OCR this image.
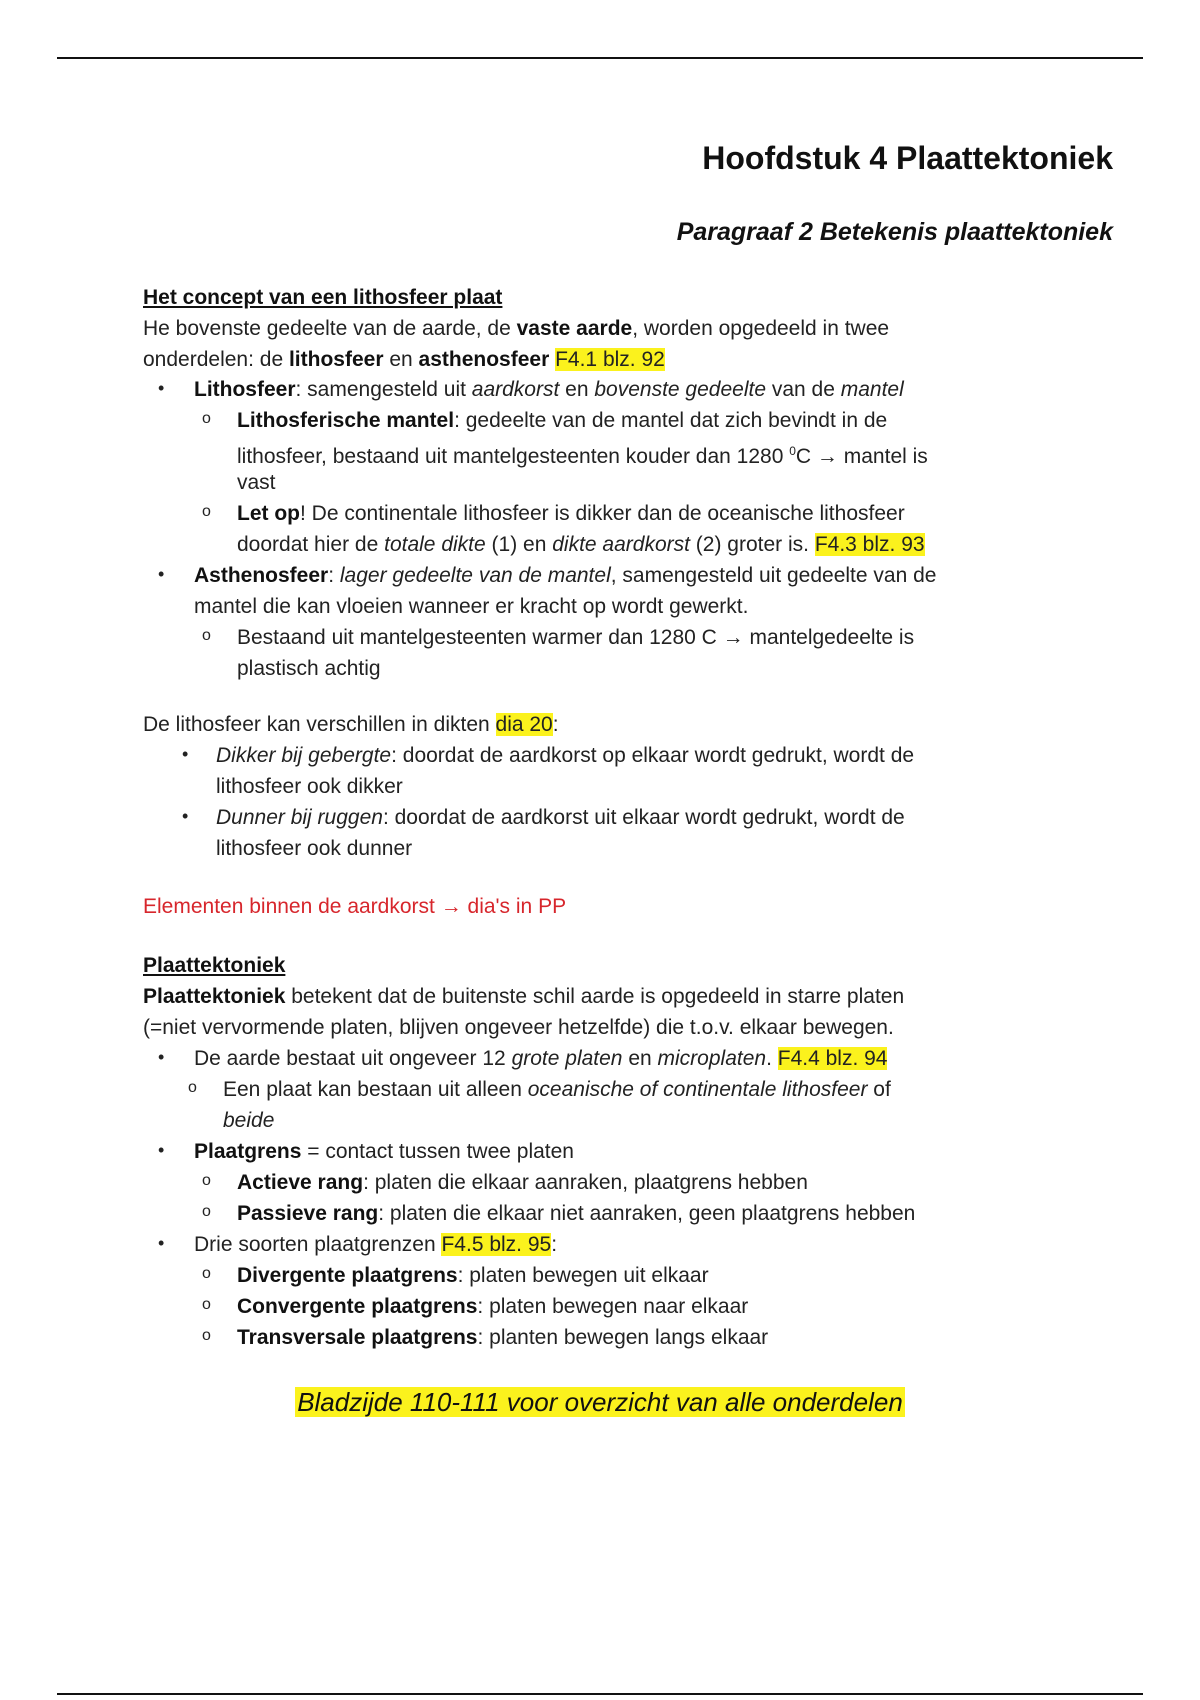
Hoofdstuk 4 Plaattektoniek
Paragraaf 2 Betekenis plaattektoniek
Het concept van een lithosfeer plaat
He bovenste gedeelte van de aarde, de vaste aarde, worden opgedeeld in twee
onderdelen: de lithosfeer en asthenosfeer F4.1 blz. 92
• Lithosfeer: samengesteld uit aardkorst en bovenste gedeelte van de mantel
o Lithosferische mantel: gedeelte van de mantel dat zich bevindt in de
lithosfeer, bestaand uit mantelgesteenten kouder dan 1280 $^0$C → mantel is
vast
o Let op! De continentale lithosfeer is dikker dan de oceanische lithosfeer
doordat hier de totale dikte (1) en dikte aardkorst (2) groter is. F4.3 blz. 93
• Asthenosfeer: lager gedeelte van de mantel, samengesteld uit gedeelte van de
mantel die kan vloeien wanneer er kracht op wordt gewerkt.
o Bestaand uit mantelgesteenten warmer dan 1280 C → mantelgedeelte is
plastisch achtig
De lithosfeer kan verschillen in dikten dia 20:
• Dikker bij gebergte: doordat de aardkorst op elkaar wordt gedrukt, wordt de
lithosfeer ook dikker
• Dunner bij ruggen: doordat de aardkorst uit elkaar wordt gedrukt, wordt de
lithosfeer ook dunner
Elementen binnen de aardkorst → dia's in PP
Plaattektoniek
Plaattektoniek betekent dat de buitenste schil aarde is opgedeeld in starre platen
(=niet vervormende platen, blijven ongeveer hetzelfde) die t.o.v. elkaar bewegen.
• De aarde bestaat uit ongeveer 12 grote platen en microplaten. F4.4 blz. 94
o Een plaat kan bestaan uit alleen oceanische of continentale lithosfeer of
beide
• Plaatgrens = contact tussen twee platen
o Actieve rang: platen die elkaar aanraken, plaatgrens hebben
o Passieve rang: platen die elkaar niet aanraken, geen plaatgrens hebben
• Drie soorten plaatgrenzen F4.5 blz. 95:
o Divergente plaatgrens: platen bewegen uit elkaar
o Convergente plaatgrens: platen bewegen naar elkaar
o Transversale plaatgrens: planten bewegen langs elkaar
Bladzijde 110-111 voor overzicht van alle onderdelen
